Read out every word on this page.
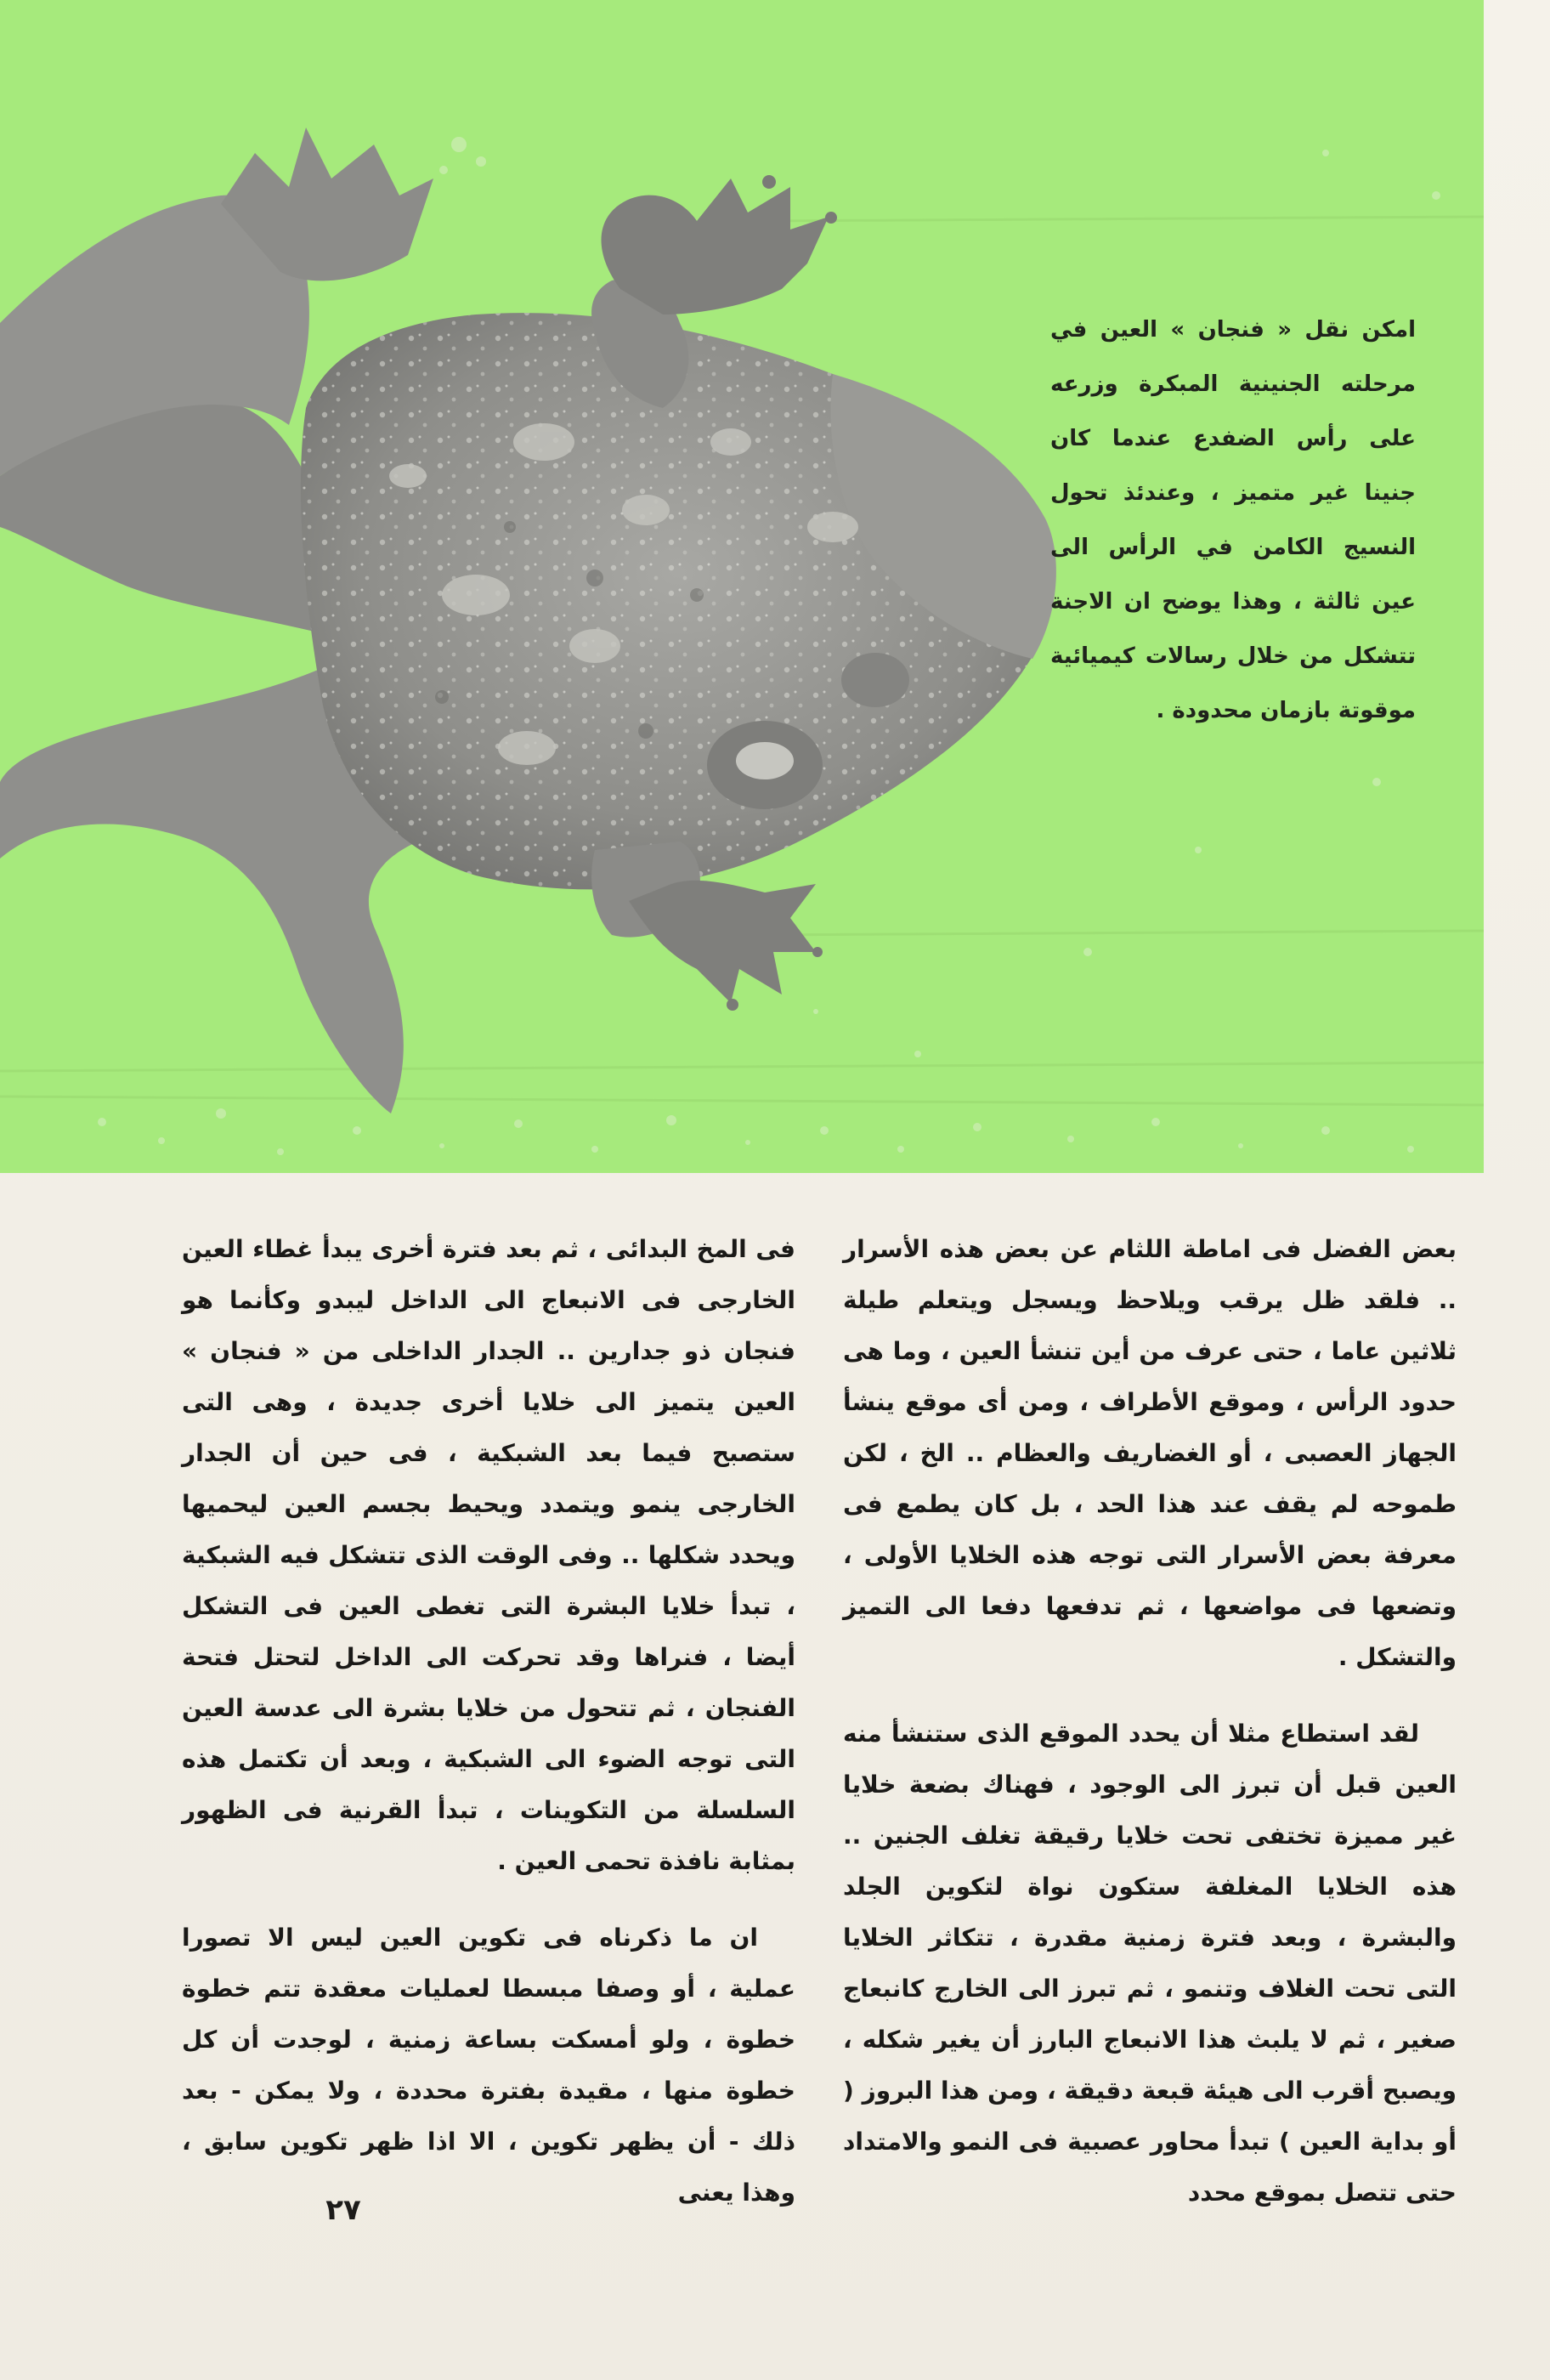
امكن نقل « فنجان » العين في مرحلته الجنينية المبكرة وزرعه على رأس الضفدع عندما كان جنينا غير متميز ، وعندئذ تحول النسيج الكامن في الرأس الى عين ثالثة ، وهذا يوضح ان الاجنة تتشكل من خلال رسالات كيميائية موقوتة بازمان محدودة .

بعض الفضل فى اماطة اللثام عن بعض هذه الأسرار .. فلقد ظل يرقب ويلاحظ ويسجل ويتعلم طيلة ثلاثين عاما ، حتى عرف من أين تنشأ العين ، وما هى حدود الرأس ، وموقع الأطراف ، ومن أى موقع ينشأ الجهاز العصبى ، أو الغضاريف والعظام .. الخ ، لكن طموحه لم يقف عند هذا الحد ، بل كان يطمع فى معرفة بعض الأسرار التى توجه هذه الخلايا الأولى ، وتضعها فى مواضعها ، ثم تدفعها دفعا الى التميز والتشكل .

لقد استطاع مثلا أن يحدد الموقع الذى ستنشأ منه العين قبل أن تبرز الى الوجود ، فهناك بضعة خلايا غير مميزة تختفى تحت خلايا رقيقة تغلف الجنين .. هذه الخلايا المغلفة ستكون نواة لتكوين الجلد والبشرة ، وبعد فترة زمنية مقدرة ، تتكاثر الخلايا التى تحت الغلاف وتنمو ، ثم تبرز الى الخارج كانبعاج صغير ، ثم لا يلبث هذا الانبعاج البارز أن يغير شكله ، ويصبح أقرب الى هيئة قبعة دقيقة ، ومن هذا البروز ( أو بداية العين ) تبدأ محاور عصبية فى النمو والامتداد حتى تتصل بموقع محدد

فى المخ البدائى ، ثم بعد فترة أخرى يبدأ غطاء العين الخارجى فى الانبعاج الى الداخل ليبدو وكأنما هو فنجان ذو جدارين .. الجدار الداخلى من « فنجان » العين يتميز الى خلايا أخرى جديدة ، وهى التى ستصبح فيما بعد الشبكية ، فى حين أن الجدار الخارجى ينمو ويتمدد ويحيط بجسم العين ليحميها ويحدد شكلها .. وفى الوقت الذى تتشكل فيه الشبكية ، تبدأ خلايا البشرة التى تغطى العين فى التشكل أيضا ، فنراها وقد تحركت الى الداخل لتحتل فتحة الفنجان ، ثم تتحول من خلايا بشرة الى عدسة العين التى توجه الضوء الى الشبكية ، وبعد أن تكتمل هذه السلسلة من التكوينات ، تبدأ القرنية فى الظهور بمثابة نافذة تحمى العين .

ان ما ذكرناه فى تكوين العين ليس الا تصورا عملية ، أو وصفا مبسطا لعمليات معقدة تتم خطوة خطوة ، ولو أمسكت بساعة زمنية ، لوجدت أن كل خطوة منها ، مقيدة بفترة محددة ، ولا يمكن - بعد ذلك - أن يظهر تكوين ، الا اذا ظهر تكوين سابق ، وهذا يعنى

٢٧
